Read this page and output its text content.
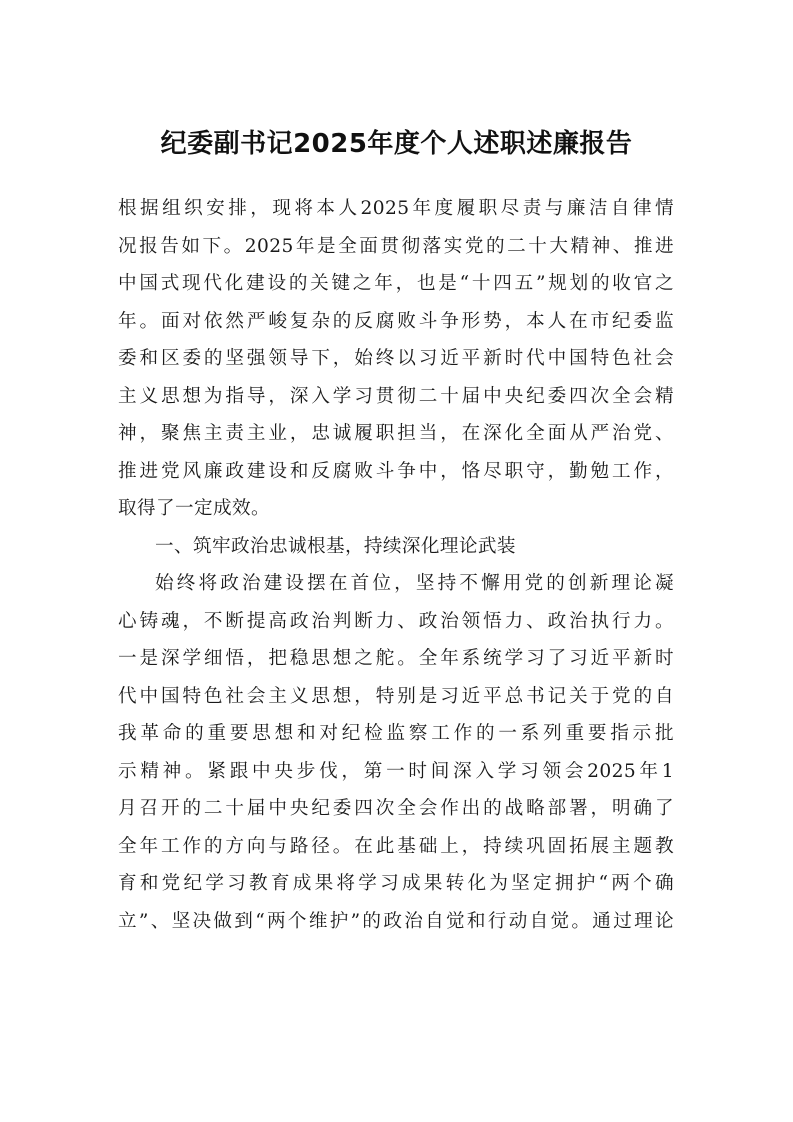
纪委副书记2025年度个人述职述廉报告
根据组织安排，现将本人2025年度履职尽责与廉洁自律情
况报告如下。2025年是全面贯彻落实党的二十大精神、推进
中国式现代化建设的关键之年，也是“十四五”规划的收官之
年。面对依然严峻复杂的反腐败斗争形势，本人在市纪委监
委和区委的坚强领导下，始终以习近平新时代中国特色社会
主义思想为指导，深入学习贯彻二十届中央纪委四次全会精
神，聚焦主责主业，忠诚履职担当，在深化全面从严治党、
推进党风廉政建设和反腐败斗争中，恪尽职守，勤勉工作，
取得了一定成效。
一、筑牢政治忠诚根基，持续深化理论武装
始终将政治建设摆在首位，坚持不懈用党的创新理论凝
心铸魂，不断提高政治判断力、政治领悟力、政治执行力。
一是深学细悟，把稳思想之舵。全年系统学习了习近平新时
代中国特色社会主义思想，特别是习近平总书记关于党的自
我革命的重要思想和对纪检监察工作的一系列重要指示批
示精神。紧跟中央步伐，第一时间深入学习领会2025年1
月召开的二十届中央纪委四次全会作出的战略部署，明确了
全年工作的方向与路径。在此基础上，持续巩固拓展主题教
育和党纪学习教育成果将学习成果转化为坚定拥护“两个确
立”、坚决做到“两个维护”的政治自觉和行动自觉。通过理论
